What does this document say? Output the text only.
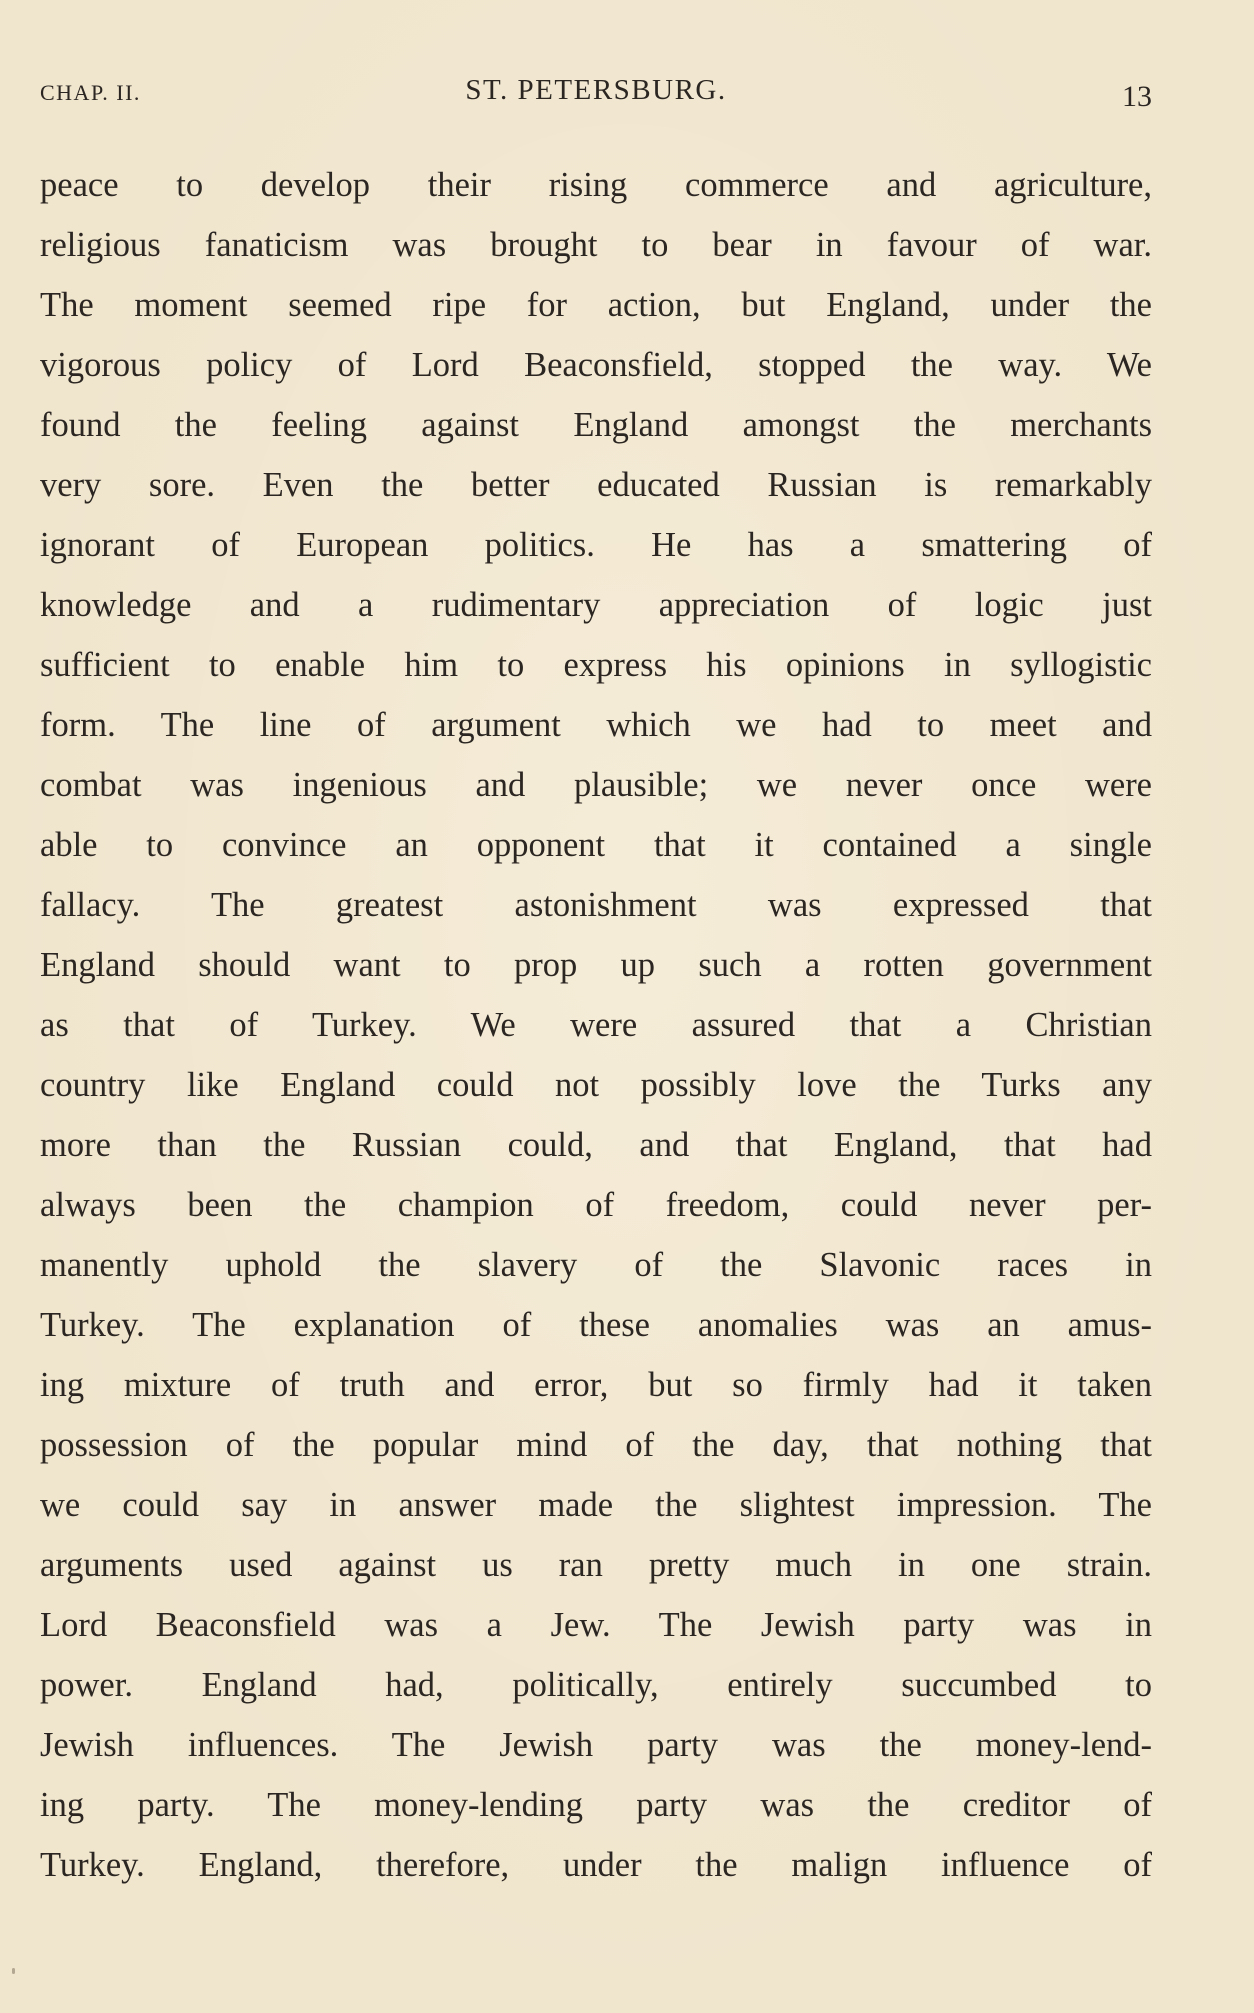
CHAP. II.	ST. PETERSBURG.	13
peace to develop their rising commerce and agriculture,
religious fanaticism was brought to bear in favour of war.
The moment seemed ripe for action, but England, under the
vigorous policy of Lord Beaconsfield, stopped the way. We
found the feeling against England amongst the merchants
very sore. Even the better educated Russian is remarkably
ignorant of European politics. He has a smattering of
knowledge and a rudimentary appreciation of logic just
sufficient to enable him to express his opinions in syllogistic
form. The line of argument which we had to meet and
combat was ingenious and plausible; we never once were
able to convince an opponent that it contained a single
fallacy. The greatest astonishment was expressed that
England should want to prop up such a rotten government
as that of Turkey. We were assured that a Christian
country like England could not possibly love the Turks any
more than the Russian could, and that England, that had
always been the champion of freedom, could never per-
manently uphold the slavery of the Slavonic races in
Turkey. The explanation of these anomalies was an amus-
ing mixture of truth and error, but so firmly had it taken
possession of the popular mind of the day, that nothing that
we could say in answer made the slightest impression. The
arguments used against us ran pretty much in one strain.
Lord Beaconsfield was a Jew. The Jewish party was in
power. England had, politically, entirely succumbed to
Jewish influences. The Jewish party was the money-lend-
ing party. The money-lending party was the creditor of
Turkey. England, therefore, under the malign influence of
